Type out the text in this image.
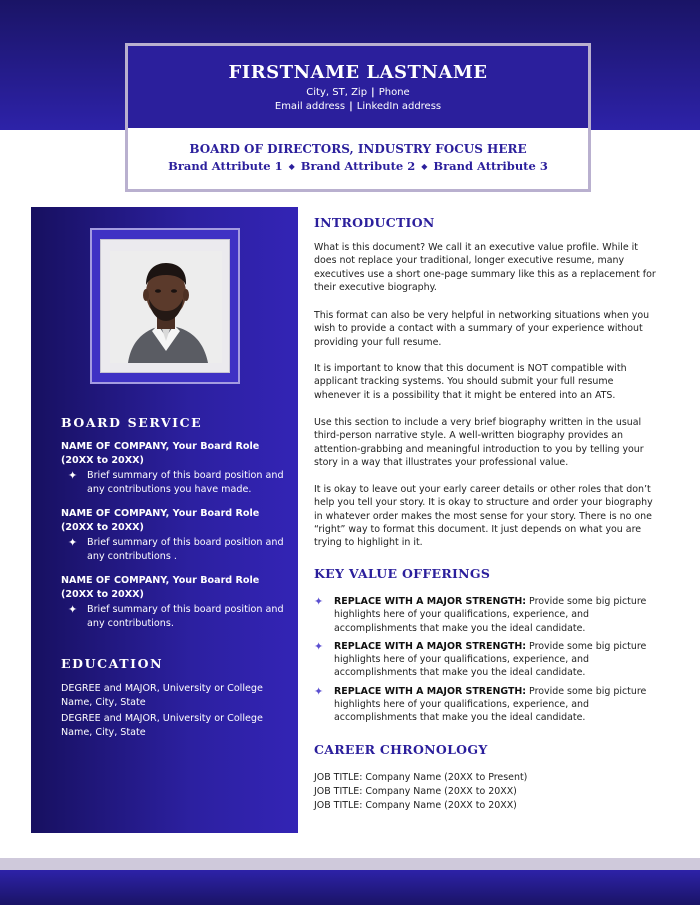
FIRSTNAME LASTNAME
City, ST, Zip | Phone
Email address | LinkedIn address
BOARD OF DIRECTORS, INDUSTRY FOCUS HERE
Brand Attribute 1 ◆ Brand Attribute 2 ◆ Brand Attribute 3
BOARD SERVICE
NAME OF COMPANY, Your Board Role (20XX to 20XX)
✦ Brief summary of this board position and any contributions you have made.
NAME OF COMPANY, Your Board Role (20XX to 20XX)
✦ Brief summary of this board position and any contributions .
NAME OF COMPANY, Your Board Role (20XX to 20XX)
✦ Brief summary of this board position and any contributions.
EDUCATION
DEGREE and MAJOR, University or College Name, City, State
DEGREE and MAJOR, University or College Name, City, State
INTRODUCTION
What is this document? We call it an executive value profile. While it does not replace your traditional, longer executive resume, many executives use a short one-page summary like this as a replacement for their executive biography.
This format can also be very helpful in networking situations when you wish to provide a contact with a summary of your experience without providing your full resume.
It is important to know that this document is NOT compatible with applicant tracking systems. You should submit your full resume whenever it is a possibility that it might be entered into an ATS.
Use this section to include a very brief biography written in the usual third-person narrative style. A well-written biography provides an attention-grabbing and meaningful introduction to you by telling your story in a way that illustrates your professional value.
It is okay to leave out your early career details or other roles that don’t help you tell your story. It is okay to structure and order your biography in whatever order makes the most sense for your story. There is no one “right” way to format this document. It just depends on what you are trying to highlight in it.
KEY VALUE OFFERINGS
✦ REPLACE WITH A MAJOR STRENGTH: Provide some big picture highlights here of your qualifications, experience, and accomplishments that make you the ideal candidate.
✦ REPLACE WITH A MAJOR STRENGTH: Provide some big picture highlights here of your qualifications, experience, and accomplishments that make you the ideal candidate.
✦ REPLACE WITH A MAJOR STRENGTH: Provide some big picture highlights here of your qualifications, experience, and accomplishments that make you the ideal candidate.
CAREER CHRONOLOGY
JOB TITLE: Company Name (20XX to Present)
JOB TITLE: Company Name (20XX to 20XX)
JOB TITLE: Company Name (20XX to 20XX)
